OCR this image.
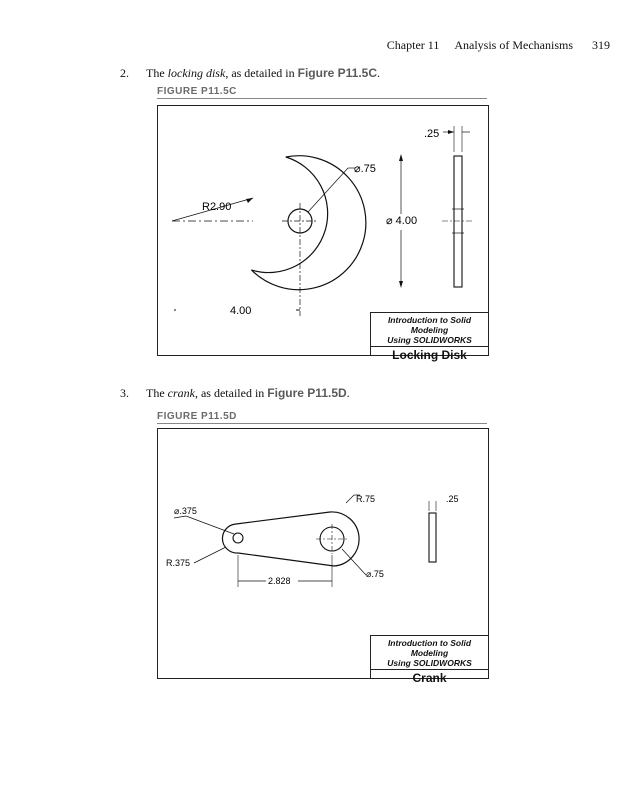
Chapter 11 Analysis of Mechanisms 319
2. The locking disk, as detailed in Figure P11.5C.
FIGURE P11.5C
.25
⌀.75
R2.90
⌀ 4.00
4.00
Introduction to Solid Modeling
Using SOLIDWORKS
Locking Disk
3. The crank, as detailed in Figure P11.5D.
FIGURE P11.5D
⌀.375
R.75	.25
R.375
⌀.75
2.828
Introduction to Solid Modeling
Using SOLIDWORKS
Crank
